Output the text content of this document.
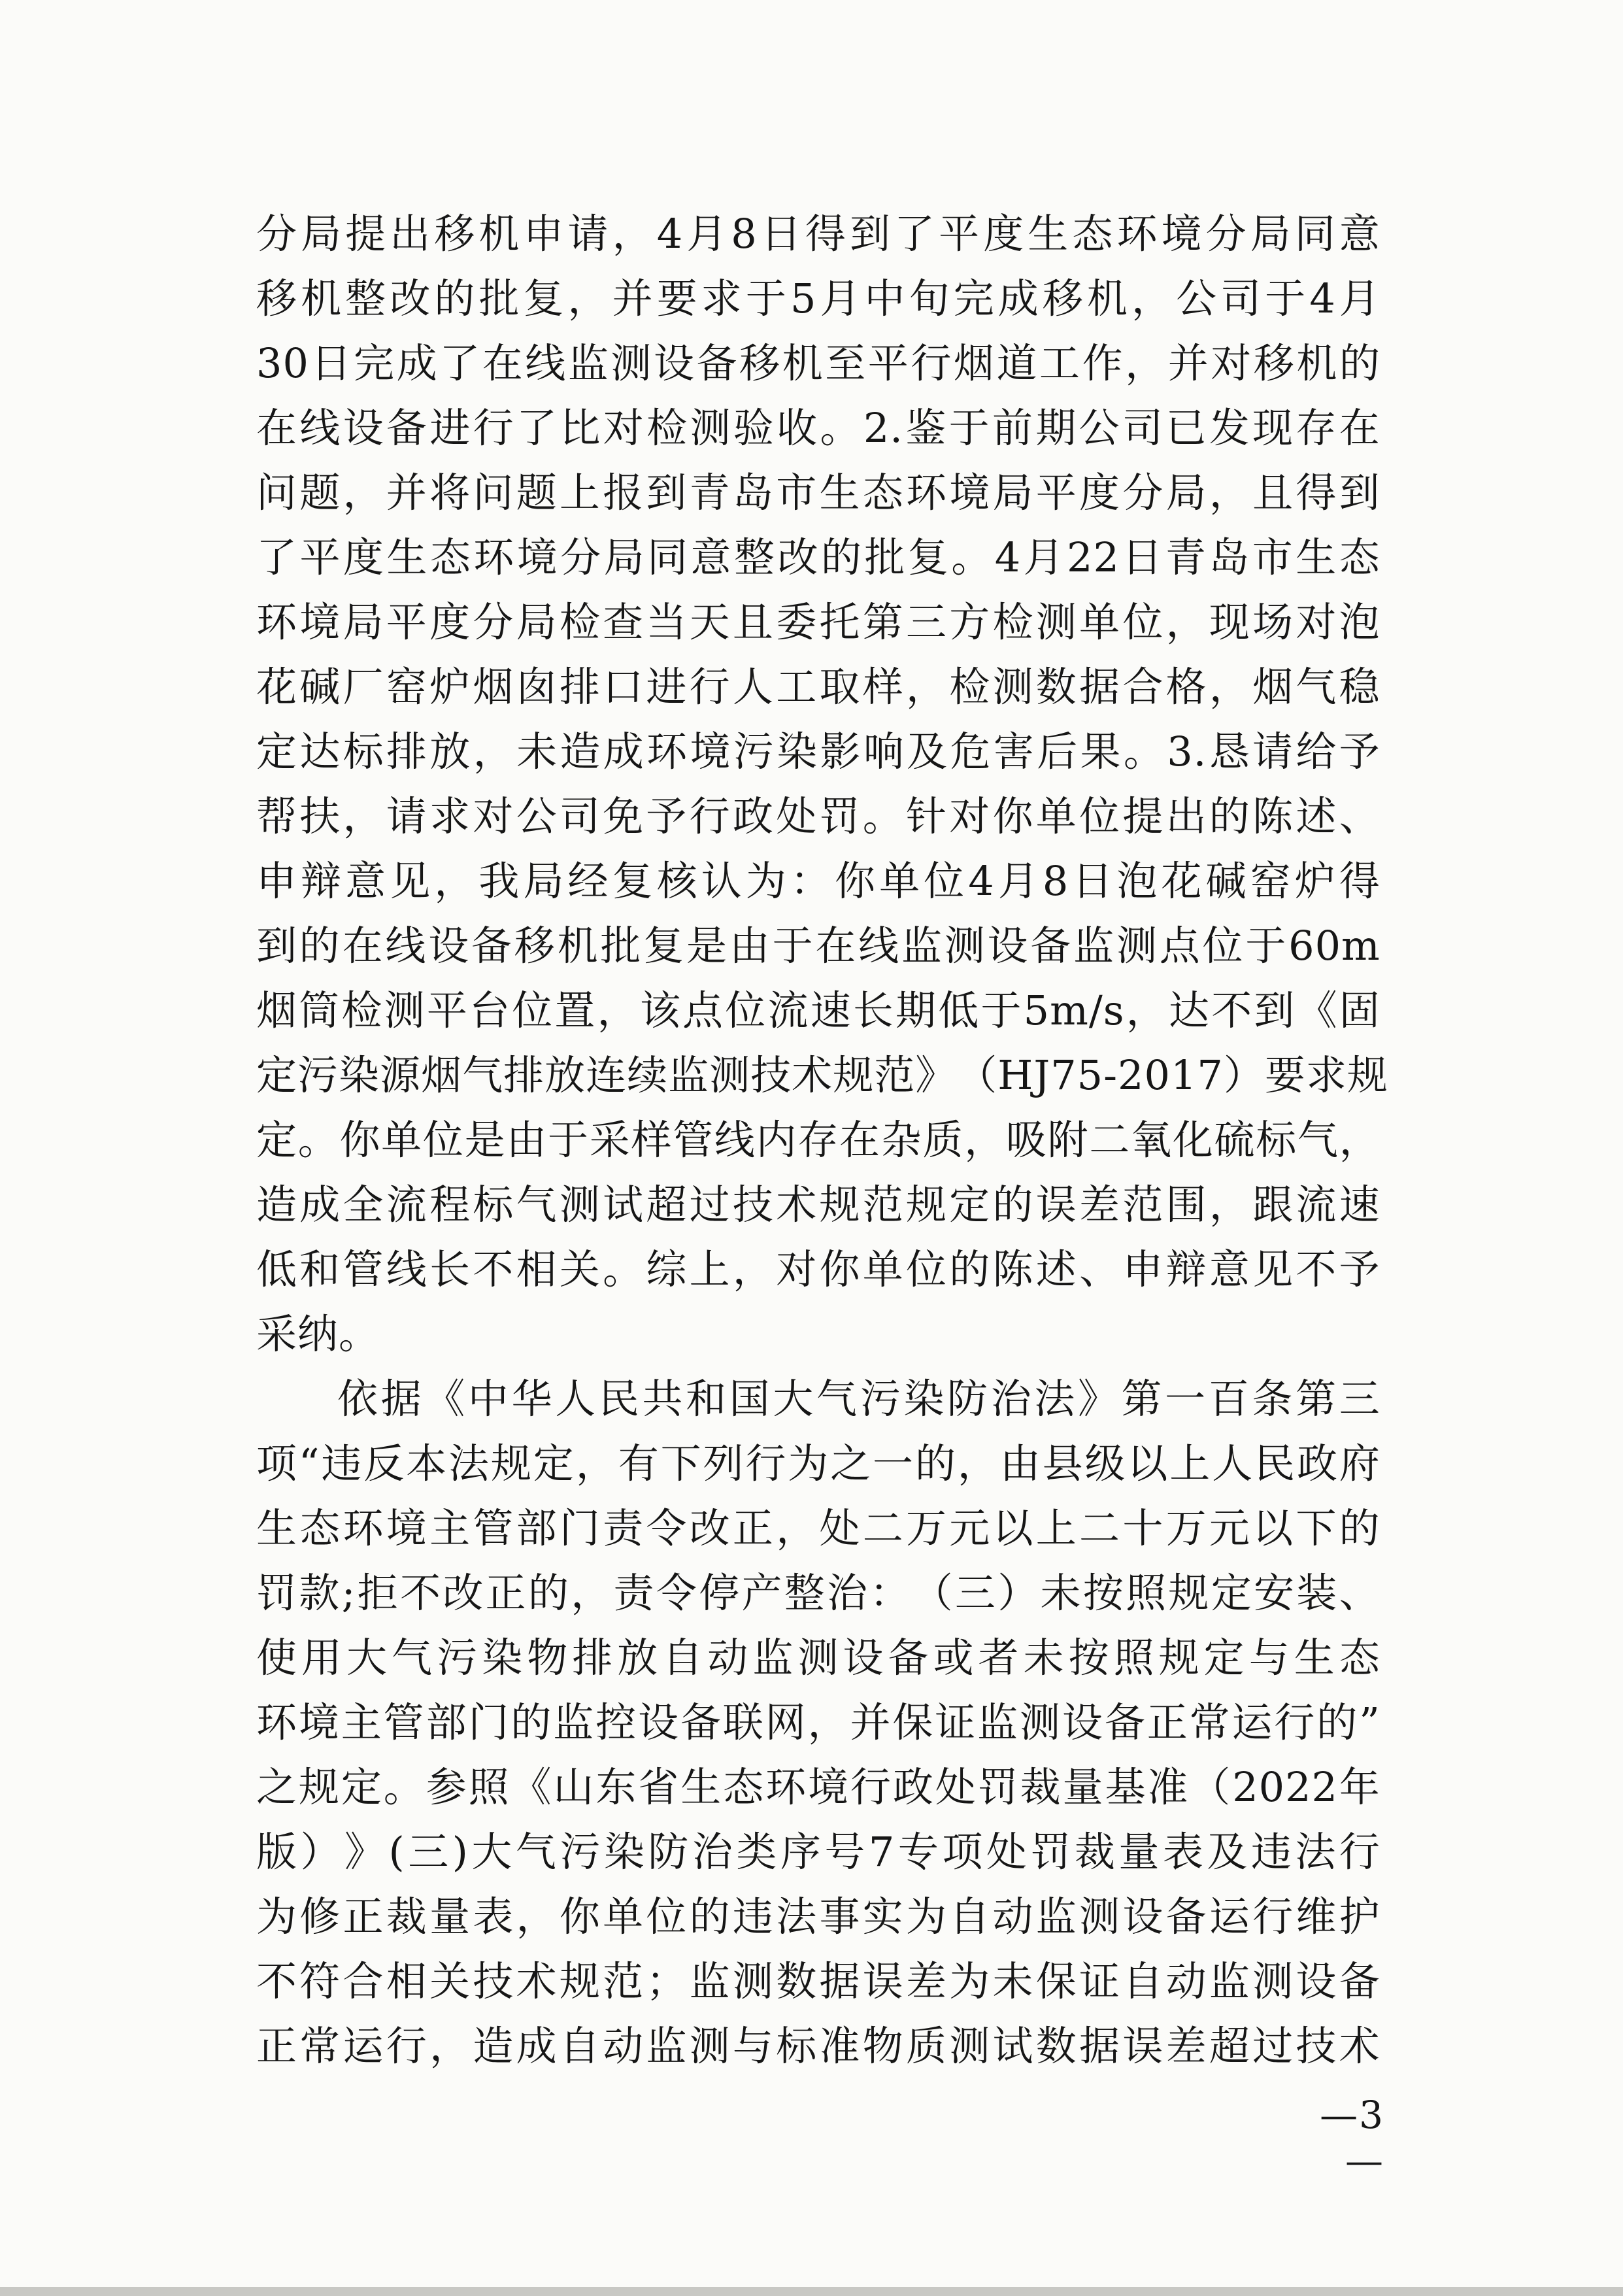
分 局 提 出 移 机 申 请 ， 4 月 8 日 得 到 了 平 度 生 态 环 境 分 局 同 意
移 机 整 改 的 批 复 ， 并 要 求 于 5 月 中 旬 完 成 移 机 ， 公 司 于 4 月
30 日 完 成 了 在 线 监 测 设 备 移 机 至 平 行 烟 道 工 作 ， 并 对 移 机 的
在 线 设 备 进 行 了 比 对 检 测 验 收 。 2. 鉴 于 前 期 公 司 已 发 现 存 在
问 题 ， 并 将 问 题 上 报 到 青 岛 市 生 态 环 境 局 平 度 分 局 ， 且 得 到
了 平 度 生 态 环 境 分 局 同 意 整 改 的 批 复 。 4 月 22 日 青 岛 市 生 态
环 境 局 平 度 分 局 检 查 当 天 且 委 托 第 三 方 检 测 单 位 ， 现 场 对 泡
花 碱 厂 窑 炉 烟 囱 排 口 进 行 人 工 取 样 ， 检 测 数 据 合 格 ， 烟 气 稳
定 达 标 排 放 ， 未 造 成 环 境 污 染 影 响 及 危 害 后 果 。 3. 恳 请 给 予
帮 扶 ， 请 求 对 公 司 免 予 行 政 处 罚 。 针 对 你 单 位 提 出 的 陈 述 、
申 辩 意 见 ， 我 局 经 复 核 认 为 ： 你 单 位 4 月 8 日 泡 花 碱 窑 炉 得
到 的 在 线 设 备 移 机 批 复 是 由 于 在 线 监 测 设 备 监 测 点 位 于 60m
烟 筒 检 测 平 台 位 置 ， 该 点 位 流 速 长 期 低 于 5m/s ， 达 不 到 《 固
定 污 染 源 烟 气 排 放 连 续 监 测 技 术 规 范 》 （ HJ75-2017 ） 要 求 规
定 。 你 单 位 是 由 于 采 样 管 线 内 存 在 杂 质 ， 吸 附 二 氧 化 硫 标 气 ，
造 成 全 流 程 标 气 测 试 超 过 技 术 规 范 规 定 的 误 差 范 围 ， 跟 流 速
低 和 管 线 长 不 相 关 。 综 上 ， 对 你 单 位 的 陈 述 、 申 辩 意 见 不 予
采纳。
依 据 《 中 华 人 民 共 和 国 大 气 污 染 防 治 法 》 第 一 百 条 第 三
项 “ 违 反 本 法 规 定 ， 有 下 列 行 为 之 一 的 ， 由 县 级 以 上 人 民 政 府
生 态 环 境 主 管 部 门 责 令 改 正 ， 处 二 万 元 以 上 二 十 万 元 以 下 的
罚 款 ; 拒 不 改 正 的 ， 责 令 停 产 整 治 ： （ 三 ） 未 按 照 规 定 安 装 、
使 用 大 气 污 染 物 排 放 自 动 监 测 设 备 或 者 未 按 照 规 定 与 生 态
环 境 主 管 部 门 的 监 控 设 备 联 网 ， 并 保 证 监 测 设 备 正 常 运 行 的 ”
之 规 定 。 参 照 《 山 东 省 生 态 环 境 行 政 处 罚 裁 量 基 准 （ 2022 年
版 ） 》 ( 三 ) 大 气 污 染 防 治 类 序 号 7 专 项 处 罚 裁 量 表 及 违 法 行
为 修 正 裁 量 表 ， 你 单 位 的 违 法 事 实 为 自 动 监 测 设 备 运 行 维 护
不 符 合 相 关 技 术 规 范 ； 监 测 数 据 误 差 为 未 保 证 自 动 监 测 设 备
正 常 运 行 ， 造 成 自 动 监 测 与 标 准 物 质 测 试 数 据 误 差 超 过 技 术
—3 —
